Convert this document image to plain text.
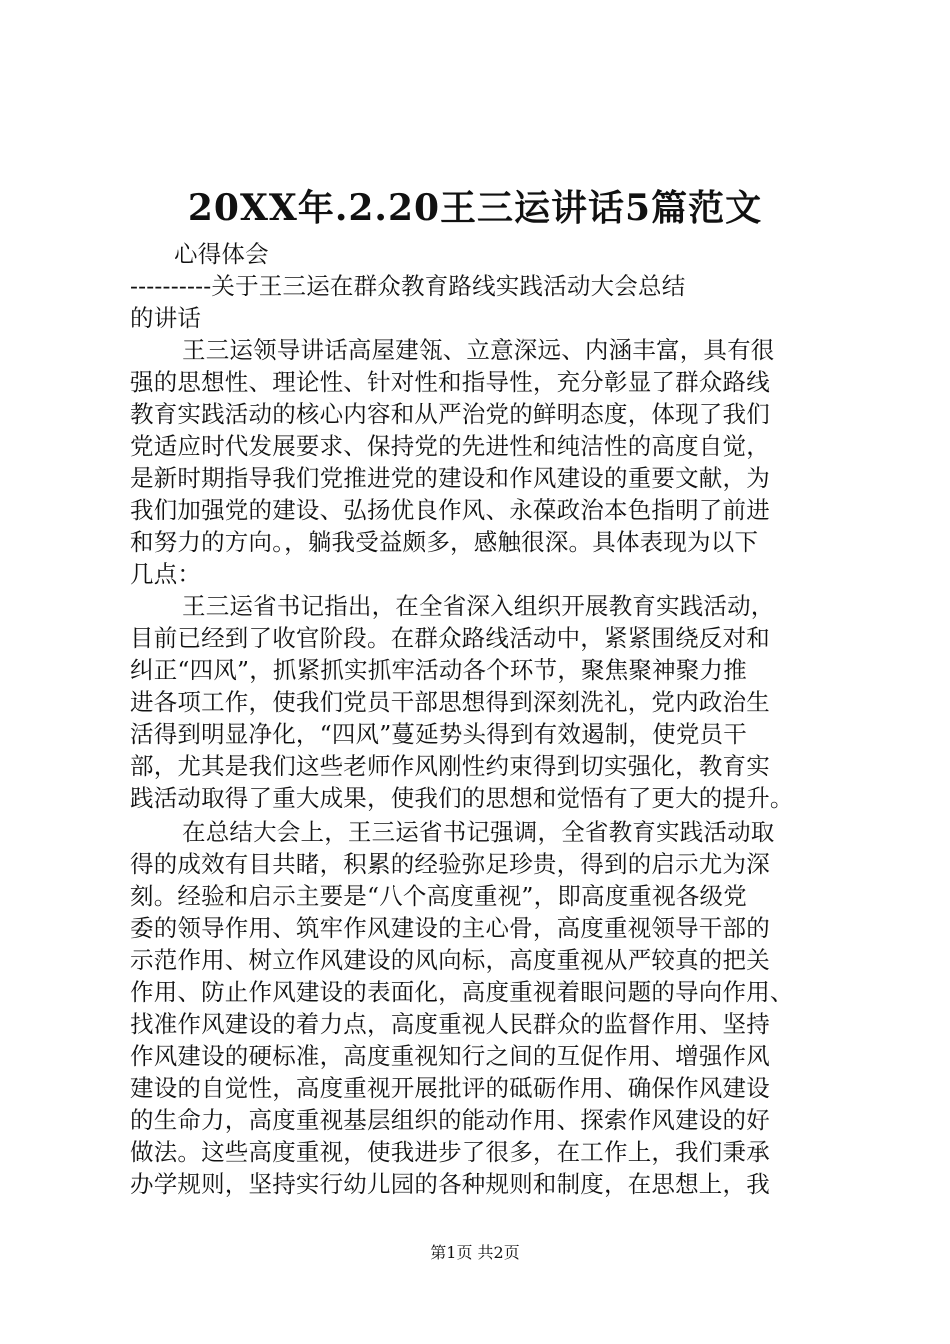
20XX年.2.20王三运讲话5篇范文
心得体会
----------关于王三运在群众教育路线实践活动大会总结
的讲话
王三运领导讲话高屋建瓴、立意深远、内涵丰富，具有很
强的思想性、理论性、针对性和指导性，充分彰显了群众路线
教育实践活动的核心内容和从严治党的鲜明态度，体现了我们
党适应时代发展要求、保持党的先进性和纯洁性的高度自觉，
是新时期指导我们党推进党的建设和作风建设的重要文献，为
我们加强党的建设、弘扬优良作风、永葆政治本色指明了前进
和努力的方向。，躺我受益颇多，感触很深。具体表现为以下
几点：
王三运省书记指出，在全省深入组织开展教育实践活动，
目前已经到了收官阶段。在群众路线活动中，紧紧围绕反对和
纠正“四风”，抓紧抓实抓牢活动各个环节，聚焦聚神聚力推
进各项工作，使我们党员干部思想得到深刻洗礼，党内政治生
活得到明显净化，“四风”蔓延势头得到有效遏制，使党员干
部，尤其是我们这些老师作风刚性约束得到切实强化，教育实
践活动取得了重大成果，使我们的思想和觉悟有了更大的提升。
在总结大会上，王三运省书记强调，全省教育实践活动取
得的成效有目共睹，积累的经验弥足珍贵，得到的启示尤为深
刻。经验和启示主要是“八个高度重视”，即高度重视各级党
委的领导作用、筑牢作风建设的主心骨，高度重视领导干部的
示范作用、树立作风建设的风向标，高度重视从严较真的把关
作用、防止作风建设的表面化，高度重视着眼问题的导向作用、
找准作风建设的着力点，高度重视人民群众的监督作用、坚持
作风建设的硬标准，高度重视知行之间的互促作用、增强作风
建设的自觉性，高度重视开展批评的砥砺作用、确保作风建设
的生命力，高度重视基层组织的能动作用、探索作风建设的好
做法。这些高度重视，使我进步了很多，在工作上，我们秉承
办学规则，坚持实行幼儿园的各种规则和制度，在思想上，我
第1页 共2页
